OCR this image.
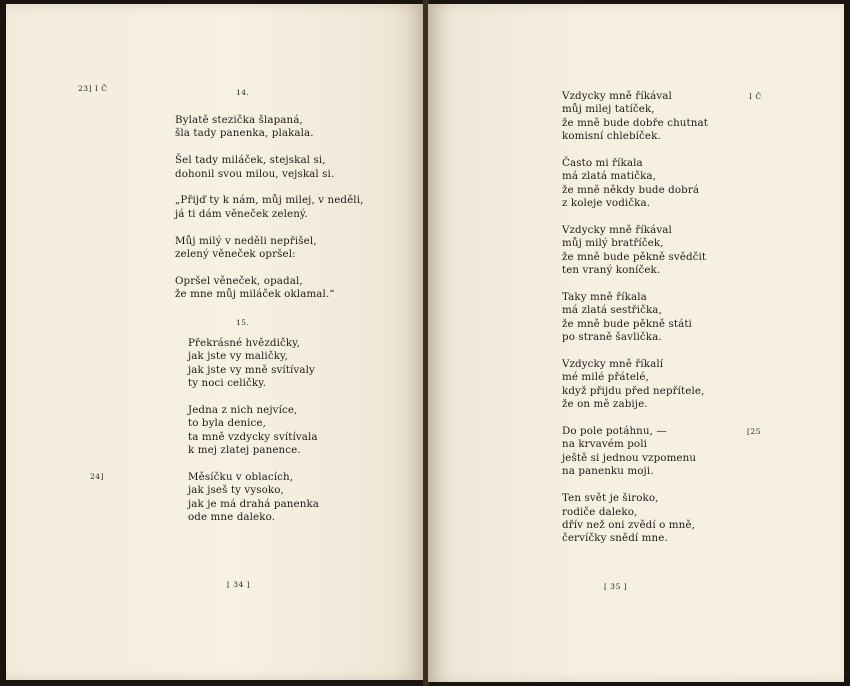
23] I Č	14.
Bylatě stezička šlapaná,
šla tady panenka, plakala.
Šel tady miláček, stejskal si,
dohonil svou milou, vejskal si.
„Přijď ty k nám, můj milej, v neděli,
já ti dám věneček zelený.
Můj milý v neděli nepřišel,
zelený věneček opršel:
Opršel věneček, opadal,
že mne můj miláček oklamal.“
15.
Překrásné hvězdičky,
jak jste vy maličky,
jak jste vy mně svítívaly
ty noci celičky.
Jedna z nich nejvíce,
to byla denice,
ta mně vzdycky svítívala
k mej zlatej panence.
Měsíčku v oblacích,
jak jseš ty vysoko,
jak je má drahá panenka
ode mne daleko.
24]
[ 34 ]
I Č
Vzdycky mně říkával
můj milej tatíček,
že mně bude dobře chutnat
komisní chlebíček.
Často mi říkala
má zlatá matička,
že mně někdy bude dobrá
z koleje vodička.
Vzdycky mně říkával
můj milý bratříček,
že mně bude pěkně svědčit
ten vraný koníček.
Taky mně říkala
má zlatá sestřička,
že mně bude pěkně státi
po straně šavlička.
Vzdycky mně říkalí
mé milé přátelé,
když přijdu před nepřítele,
že on mě zabije.
Do pole potáhnu, —
na krvavém poli
ještě si jednou vzpomenu
na panenku moji.
Ten svět je široko,
rodiče daleko,
dřív než oni zvědí o mně,
červíčky snědí mne.
[25
[ 35 ]
